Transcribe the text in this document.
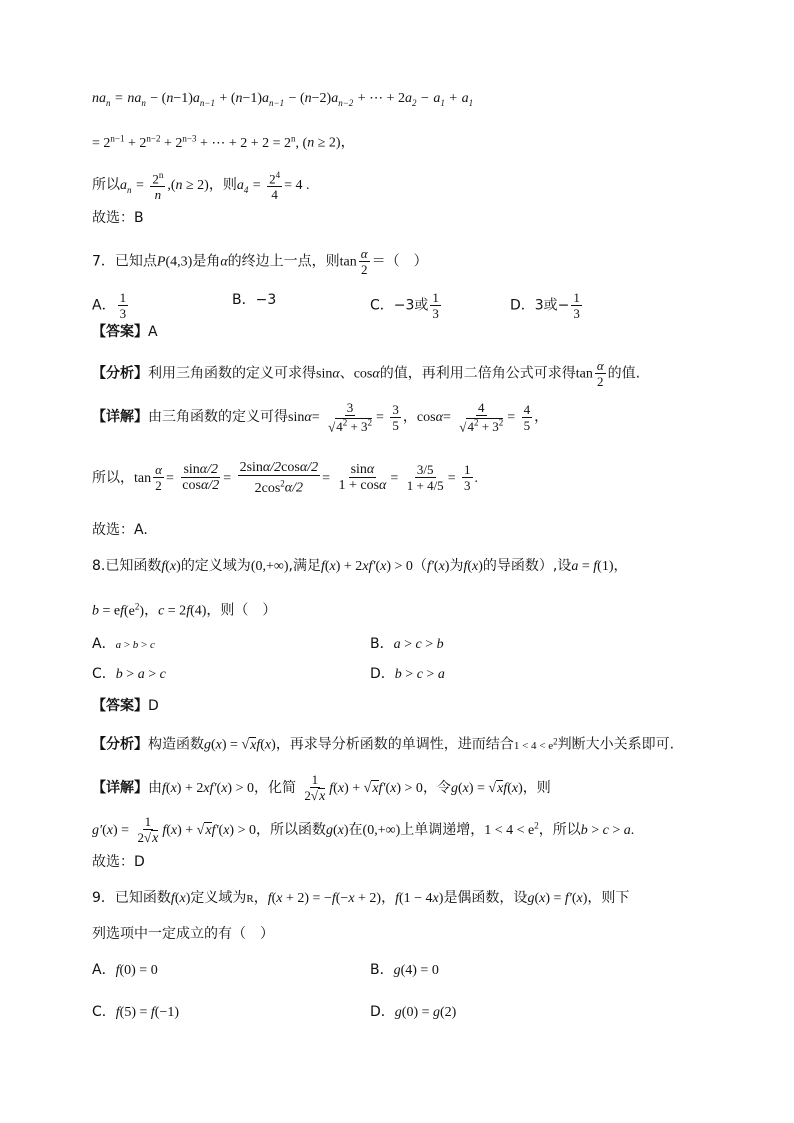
$na_n = na_n - (n-1)a_{n-1} + (n-1)a_{n-1} - (n-2)a_{n-2}$ + ⋯ + $2a_2 - a_1 + a_1$
= $2^{n-1} + 2^{n-2} + 2^{n-3}$ + ⋯ + $2 + 2 = 2^n$, (n ≥ 2)，
所以$a_n = \frac{2^n}{n} ,(n \ge 2)$，则$a_4 = \frac{2^4}{4} = 4$ .
故选：B
7．已知点P(4,3)是角α的终边上一点，则$\tan \frac{\alpha}{2}$ ＝（　）
A． $\frac{1}{3}$	B．−3	C．−3或 $\frac{1}{3}$	D．3或− $\frac{1}{3}$
【答案】A
【分析】利用三角函数的定义可求得sinα、cosα的值，再利用二倍角公式可求得$\tan \frac{\alpha}{2}$ 的值.
【详解】由三角函数的定义可得$\sin\alpha= \frac{3}{√4^2 + 3^2} = \frac{3}{5}$ ，$\cos\alpha= \frac{4}{√4^2 + 3^2} = \frac{4}{5}$ ，
所以，$\tan \frac{\alpha}{2} = \frac{\sin\alpha/2}{\cos\alpha/2} = \frac{2\sin\alpha/2\cos\alpha/2}{2\cos^2\alpha/2} = \frac{\sin\alpha}{1 + \cos\alpha} = \frac{3/5}{1 + 4/5} = \frac{1}{3}$ .
故选：A.
8.已知函数f(x)的定义域为(0,+∞),满足f(x) + 2xf′(x) > 0（f′(x)为f(x)的导函数）,设a = f(1)，
$b = ef(e^2)$，c = 2f(4)，则（　）
A．a > b > c	B．a > c > b
C．b > a > c	D．b > c > a
【答案】D
【分析】构造函数g(x) = √xf(x)，再求导分析函数的单调性，进而结合$1 < 4 < e^2$判断大小关系即可.
【详解】由f(x) + 2xf′(x) > 0，化简 $\frac{1}{2√x} f(x) + √xf'(x) > 0$，令g(x) = √xf(x)，则
$g'(x) = \frac{1}{2√x} f(x) + √xf'(x) > 0$，所以函数g(x)在(0,+∞)上单调递增，$1 < 4 < e^2$，所以b > c > a.
故选：D
9．已知函数f(x)定义域为R，f(x + 2) = −f(−x + 2)，f(1 − 4x)是偶函数，设g(x) = f′(x)，则下
列选项中一定成立的有（　）
A．f(0) = 0	B．g(4) = 0
C．f(5) = f(−1)	D．g(0) = g(2)
